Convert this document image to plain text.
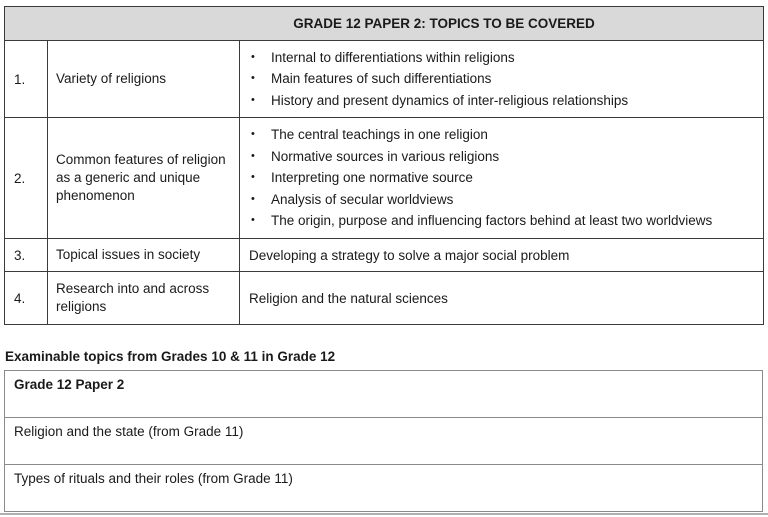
GRADE 12 PAPER 2: TOPICS TO BE COVERED		
1.	Variety of religions	
• Internal to differentiations within religions
• Main features of such differentiations
• History and present dynamics of inter-religious relationships

2.	Common features of religion as a generic and unique phenomenon	
• The central teachings in one religion
• Normative sources in various religions
• Interpreting one normative source
• Analysis of secular worldviews
• The origin, purpose and influencing factors behind at least two worldviews

3.	Topical issues in society	Developing a strategy to solve a major social problem
4.	Research into and across religions	Religion and the natural sciences
Examinable topics from Grades 10 & 11 in Grade 12
Grade 12 Paper 2
Religion and the state (from Grade 11)
Types of rituals and their roles (from Grade 11)
